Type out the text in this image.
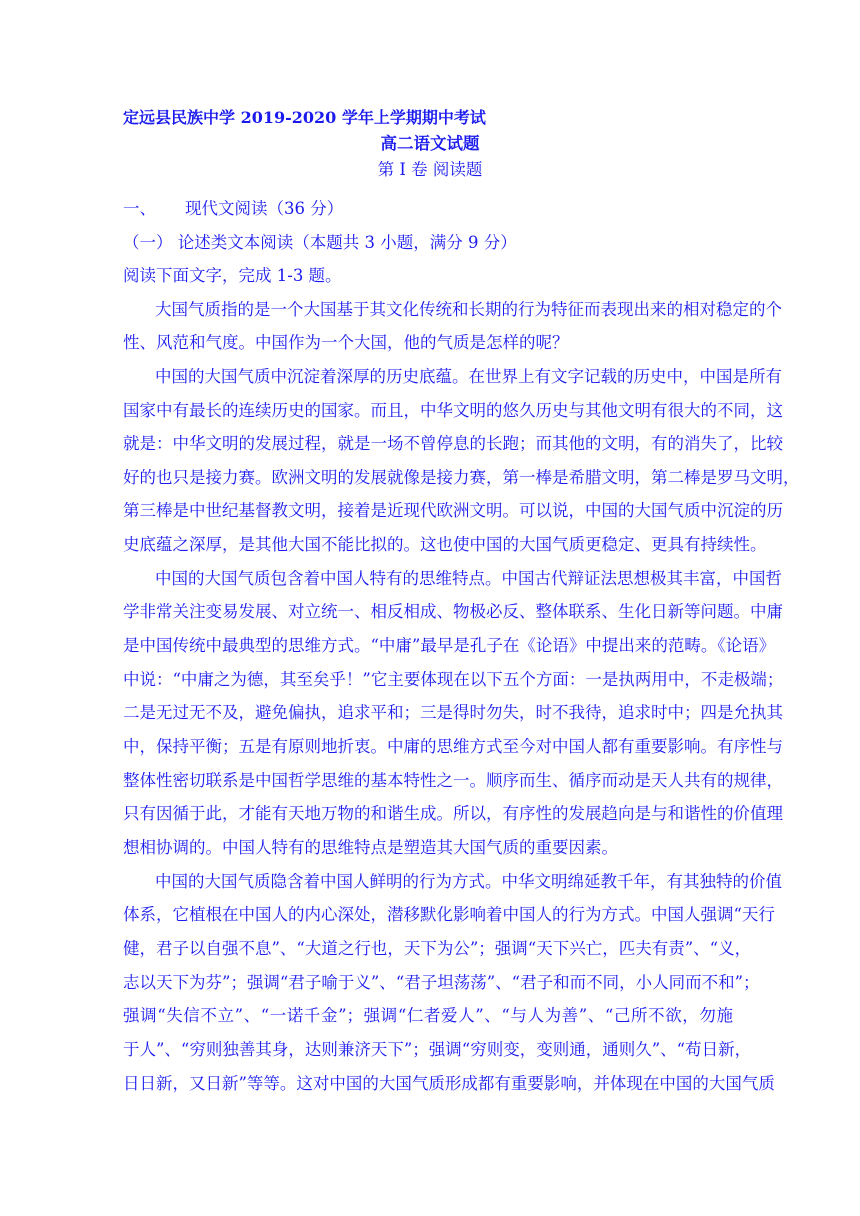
定远县民族中学 2019-2020 学年上学期期中考试
高二语文试题
第 I 卷 阅读题
一、 现代文阅读（36 分）
（一） 论述类文本阅读（本题共 3 小题，满分 9 分）
阅读下面文字，完成 1-3 题。
大国气质指的是一个大国基于其文化传统和长期的行为特征而表现出来的相对稳定的个
性、风范和气度。中国作为一个大国，他的气质是怎样的呢？
中国的大国气质中沉淀着深厚的历史底蕴。在世界上有文字记载的历史中，中国是所有
国家中有最长的连续历史的国家。而且，中华文明的悠久历史与其他文明有很大的不同，这
就是：中华文明的发展过程，就是一场不曾停息的长跑；而其他的文明，有的消失了，比较
好的也只是接力赛。欧洲文明的发展就像是接力赛，第一棒是希腊文明，第二棒是罗马文明，
第三棒是中世纪基督教文明，接着是近现代欧洲文明。可以说，中国的大国气质中沉淀的历
史底蕴之深厚，是其他大国不能比拟的。这也使中国的大国气质更稳定、更具有持续性。
中国的大国气质包含着中国人特有的思维特点。中国古代辩证法思想极其丰富，中国哲
学非常关注变易发展、对立统一、相反相成、物极必反、整体联系、生化日新等问题。中庸
是中国传统中最典型的思维方式。“中庸”最早是孔子在《论语》中提出来的范畴。《论语》
中说：“中庸之为德，其至矣乎！”它主要体现在以下五个方面：一是执两用中，不走极端；
二是无过无不及，避免偏执，追求平和；三是得时勿失，时不我待，追求时中；四是允执其
中，保持平衡；五是有原则地折衷。中庸的思维方式至今对中国人都有重要影响。有序性与
整体性密切联系是中国哲学思维的基本特性之一。顺序而生、循序而动是天人共有的规律，
只有因循于此，才能有天地万物的和谐生成。所以，有序性的发展趋向是与和谐性的价值理
想相协调的。中国人特有的思维特点是塑造其大国气质的重要因素。
中国的大国气质隐含着中国人鲜明的行为方式。中华文明绵延教千年，有其独特的价值
体系，它植根在中国人的内心深处，潜移默化影响着中国人的行为方式。中国人强调“天行
健，君子以自强不息”、“大道之行也，天下为公”；强调“天下兴亡，匹夫有责”、“义，
志以天下为芬”；强调“君子喻于义”、“君子坦荡荡”、“君子和而不同，小人同而不和”；
强调“失信不立”、“一诺千金”；强调“仁者爱人”、“与人为善”、“己所不欲，勿施
于人”、“穷则独善其身，达则兼济天下”；强调“穷则变，变则通，通则久”、“苟日新，
日日新，又日新”等等。这对中国的大国气质形成都有重要影响，并体现在中国的大国气质
